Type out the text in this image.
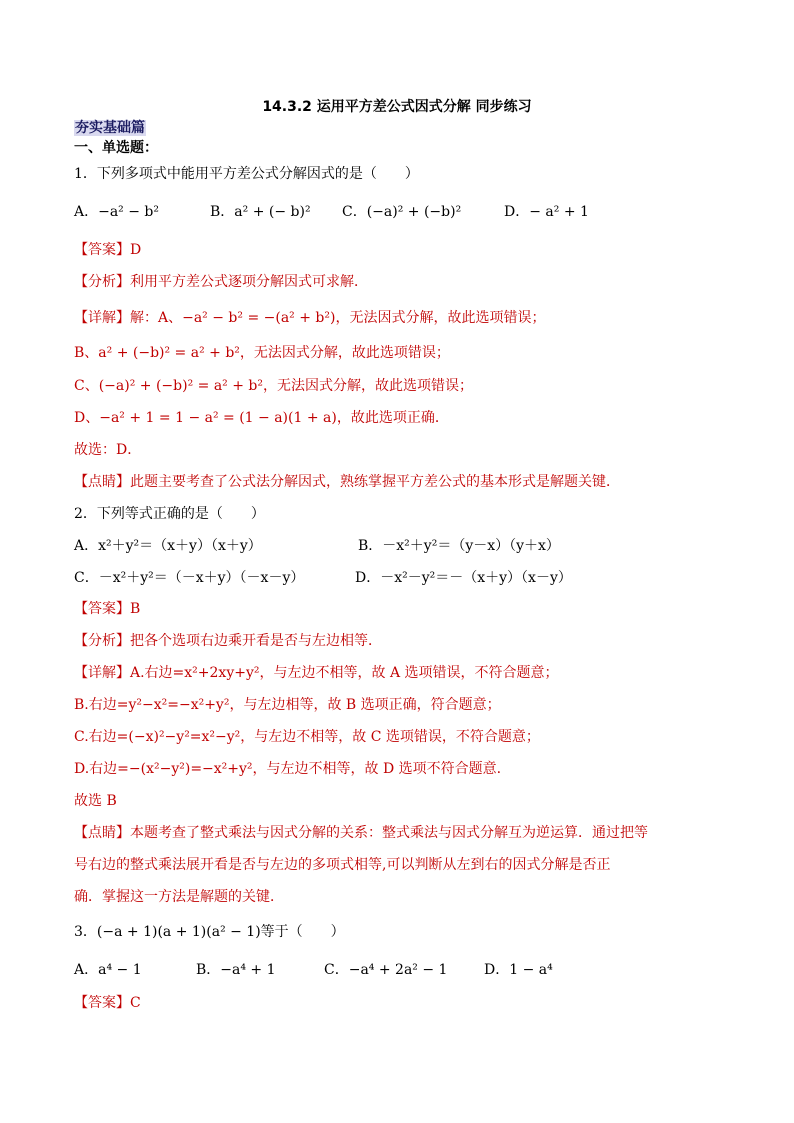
14.3.2 运用平方差公式因式分解 同步练习
夯实基础篇
一、单选题：
1．下列多项式中能用平方差公式分解因式的是（　　）
A．−a² − b²	B．a² + (− b)² C．(−a)² + (−b)²	D．− a² + 1
【答案】D
【分析】利用平方差公式逐项分解因式可求解．
【详解】解：A、−a² − b² = −(a² + b²)，无法因式分解，故此选项错误；
B、a² + (−b)² = a² + b²，无法因式分解，故此选项错误；
C、(−a)² + (−b)² = a² + b²，无法因式分解，故此选项错误；
D、−a² + 1 = 1 − a² = (1 − a)(1 + a)，故此选项正确．
故选：D．
【点睛】此题主要考查了公式法分解因式，熟练掌握平方差公式的基本形式是解题关键．
2．下列等式正确的是（　　）
A．x²＋y²＝（x＋y）（x＋y）	B．－x²＋y²＝（y－x）（y＋x）
C．－x²＋y²＝（－x＋y）（－x－y）	D．－x²－y²＝－（x＋y）（x－y）
【答案】B
【分析】把各个选项右边乘开看是否与左边相等．
【详解】A.右边=x²+2xy+y²，与左边不相等，故 A 选项错误，不符合题意；
B.右边=y²−x²=−x²+y²，与左边相等，故 B 选项正确，符合题意；
C.右边=(−x)²−y²=x²−y²，与左边不相等，故 C 选项错误，不符合题意；
D.右边=−(x²−y²)=−x²+y²，与左边不相等，故 D 选项不符合题意.
故选 B
【点睛】本题考查了整式乘法与因式分解的关系：整式乘法与因式分解互为逆运算．通过把等
号右边的整式乘法展开看是否与左边的多项式相等,可以判断从左到右的因式分解是否正
确．掌握这一方法是解题的关键．
3．(−a + 1)(a + 1)(a² − 1)等于（　　）
A．a⁴ − 1	B．−a⁴ + 1	C．−a⁴ + 2a² − 1	D．1 − a⁴
【答案】C
